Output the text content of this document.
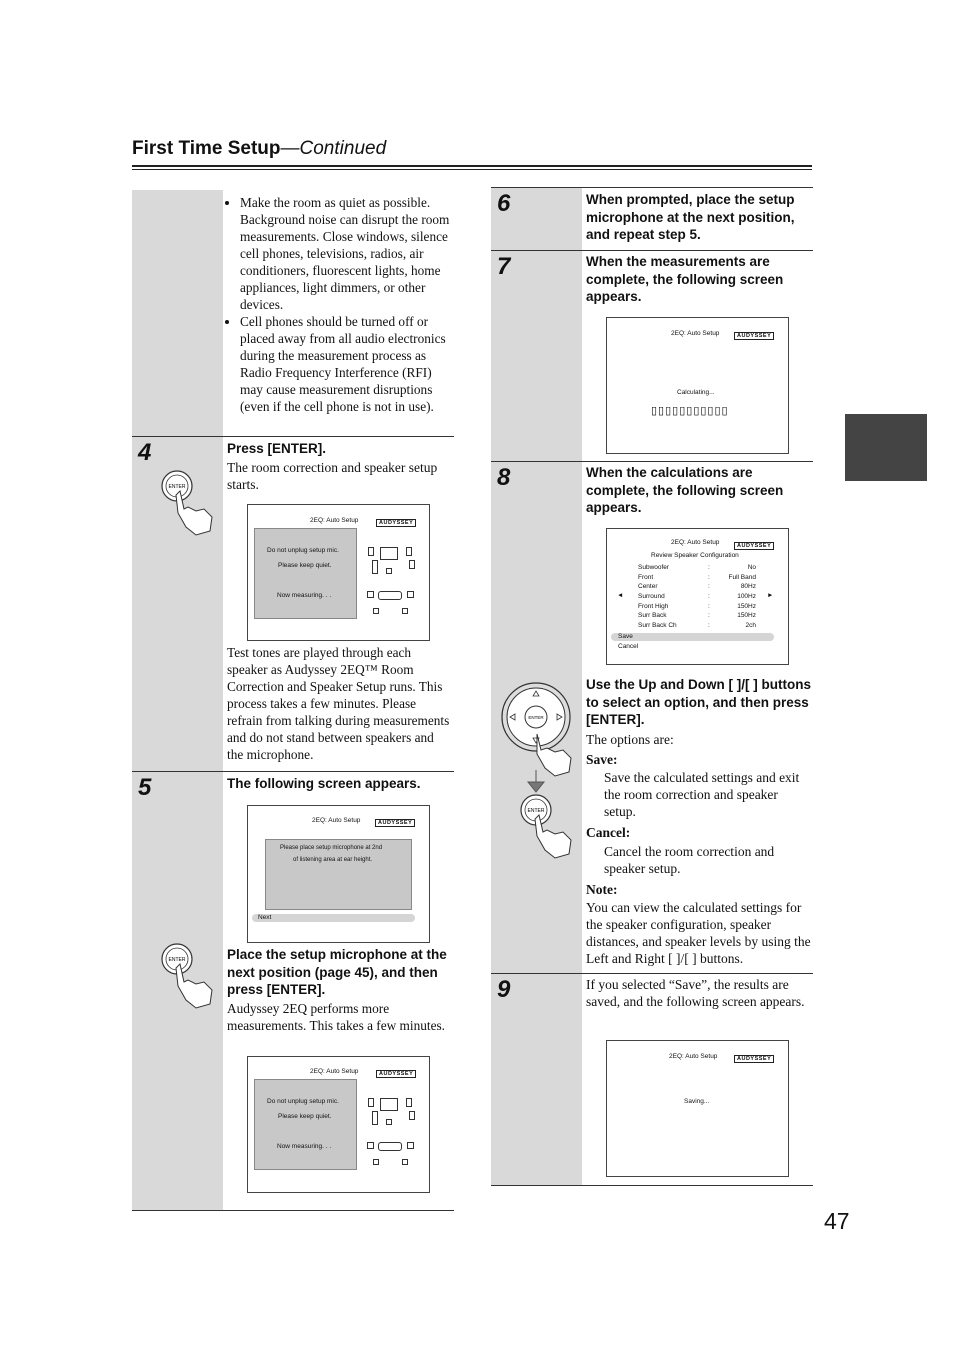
First Time Setup—Continued
47
• Make the room as quiet as possible. Background noise can disrupt the room measurements. Close windows, silence cell phones, televisions, radios, air conditioners, fluorescent lights, home appliances, light dimmers, or other devices.
• Cell phones should be turned off or placed away from all audio electronics during the measurement process as Radio Frequency Interference (RFI) may cause measurement disruptions (even if the cell phone is not in use).
4
ENTER
Press [ENTER].
The room correction and speaker setup starts.
2EQ: Auto Setup	AUDYSSEY
Do not unplug setup mic.
Please keep quiet.
Now measuring. . .
Test tones are played through each speaker as Audyssey 2EQ™ Room Correction and Speaker Setup runs. This process takes a few minutes. Please refrain from talking during measurements and do not stand between speakers and the microphone.
5	The following screen appears.
2EQ: Auto Setup	AUDYSSEY
Please place setup microphone at 2nd
of listening area at ear height.
Next
ENTER	Place the setup microphone at the next position (page 45), and then press [ENTER].
Audyssey 2EQ performs more measurements. This takes a few minutes.
2EQ: Auto Setup	AUDYSSEY
Do not unplug setup mic.
Please keep quiet.
Now measuring. . .
6	When prompted, place the setup microphone at the next position, and repeat step 5.
7	When the measurements are complete, the following screen appears.
2EQ: Auto Setup	AUDYSSEY
Calculating...
▯▯▯▯▯▯▯▯▯▯▯
8	When the calculations are complete, the following screen appears.
2EQ: Auto Setup	AUDYSSEY
Review Speaker Configuration
◄	►
Subwoofer	:	No
Front	:	Full Band
Center	:	80Hz
Surround	:	100Hz
Front High	:	150Hz
Surr Back	:	150Hz
Surr Back Ch	:	2ch
Save
Cancel
ENTER
ENTER
Use the Up and Down [ ]/[ ] buttons to select an option, and then press [ENTER].
The options are:
Save:
Save the calculated settings and exit the room correction and speaker setup.
Cancel:
Cancel the room correction and speaker setup.
Note:
You can view the calculated settings for the speaker configuration, speaker distances, and speaker levels by using the Left and Right [ ]/[ ] buttons.
9	If you selected “Save”, the results are saved, and the following screen appears.
2EQ: Auto Setup	AUDYSSEY
Saving...
